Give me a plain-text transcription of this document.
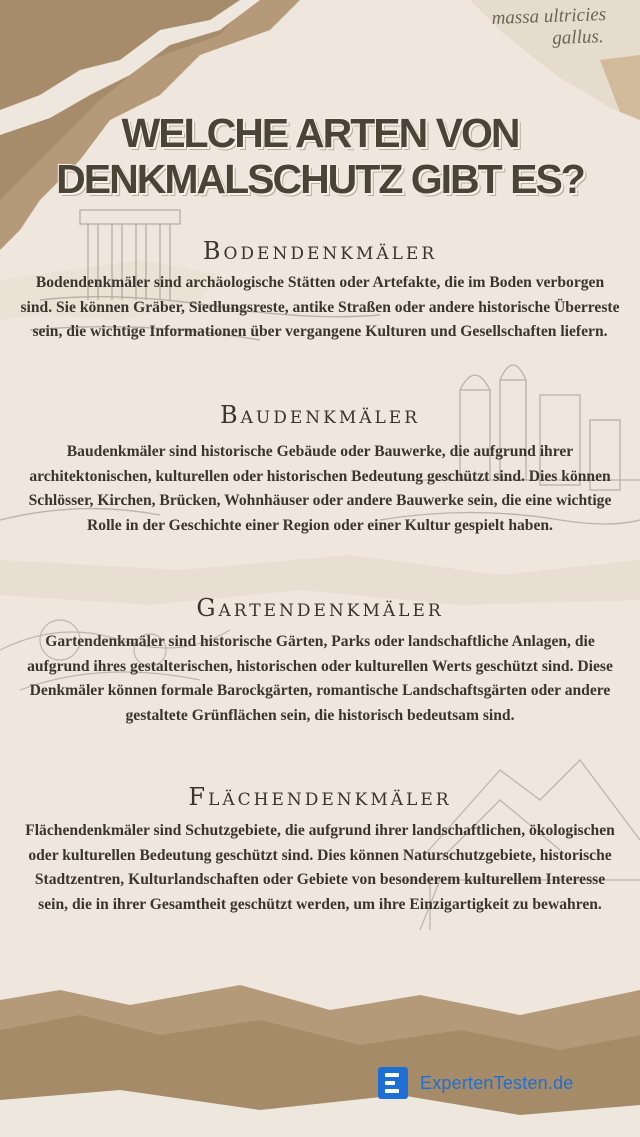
massa ultricies
gallus.
WELCHE ARTEN VON
DENKMALSCHUTZ GIBT ES?
Bodendenkmäler
Bodendenkmäler sind archäologische Stätten oder Artefakte, die im Boden verborgen sind. Sie können Gräber, Siedlungsreste, antike Straßen oder andere historische Überreste sein, die wichtige Informationen über vergangene Kulturen und Gesellschaften liefern.
Baudenkmäler
Baudenkmäler sind historische Gebäude oder Bauwerke, die aufgrund ihrer architektonischen, kulturellen oder historischen Bedeutung geschützt sind. Dies können Schlösser, Kirchen, Brücken, Wohnhäuser oder andere Bauwerke sein, die eine wichtige Rolle in der Geschichte einer Region oder einer Kultur gespielt haben.
Gartendenkmäler
Gartendenkmäler sind historische Gärten, Parks oder landschaftliche Anlagen, die aufgrund ihres gestalterischen, historischen oder kulturellen Werts geschützt sind. Diese Denkmäler können formale Barockgärten, romantische Landschaftsgärten oder andere gestaltete Grünflächen sein, die historisch bedeutsam sind.
Flächendenkmäler
Flächendenkmäler sind Schutzgebiete, die aufgrund ihrer landschaftlichen, ökologischen oder kulturellen Bedeutung geschützt sind. Dies können Naturschutzgebiete, historische Stadtzentren, Kulturlandschaften oder Gebiete von besonderem kulturellem Interesse sein, die in ihrer Gesamtheit geschützt werden, um ihre Einzigartigkeit zu bewahren.
ExpertenTesten.de
